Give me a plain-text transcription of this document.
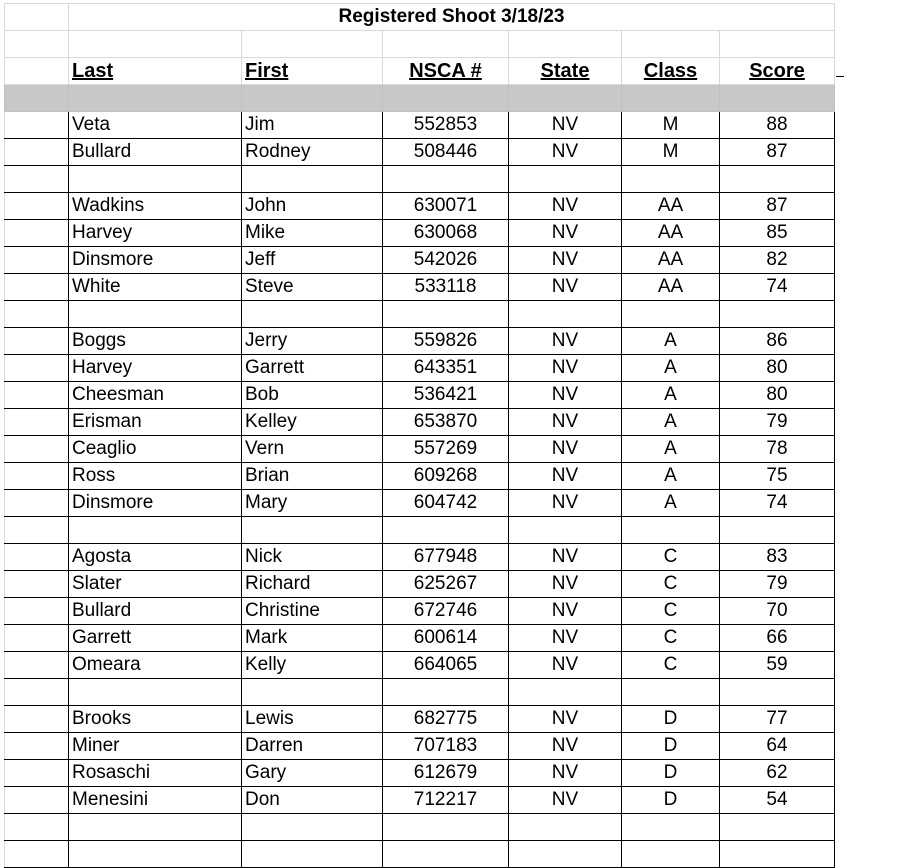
	Registered Shoot 3/18/23					

	Last	First	NSCA #	State	Class	Score

	Veta	Jim	552853	NV	M	88
	Bullard	Rodney	508446	NV	M	87

	Wadkins	John	630071	NV	AA	87
	Harvey	Mike	630068	NV	AA	85
	Dinsmore	Jeff	542026	NV	AA	82
	White	Steve	533118	NV	AA	74

	Boggs	Jerry	559826	NV	A	86
	Harvey	Garrett	643351	NV	A	80
	Cheesman	Bob	536421	NV	A	80
	Erisman	Kelley	653870	NV	A	79
	Ceaglio	Vern	557269	NV	A	78
	Ross	Brian	609268	NV	A	75
	Dinsmore	Mary	604742	NV	A	74

	Agosta	Nick	677948	NV	C	83
	Slater	Richard	625267	NV	C	79
	Bullard	Christine	672746	NV	C	70
	Garrett	Mark	600614	NV	C	66
	Omeara	Kelly	664065	NV	C	59

	Brooks	Lewis	682775	NV	D	77
	Miner	Darren	707183	NV	D	64
	Rosaschi	Gary	612679	NV	D	62
	Menesini	Don	712217	NV	D	54
